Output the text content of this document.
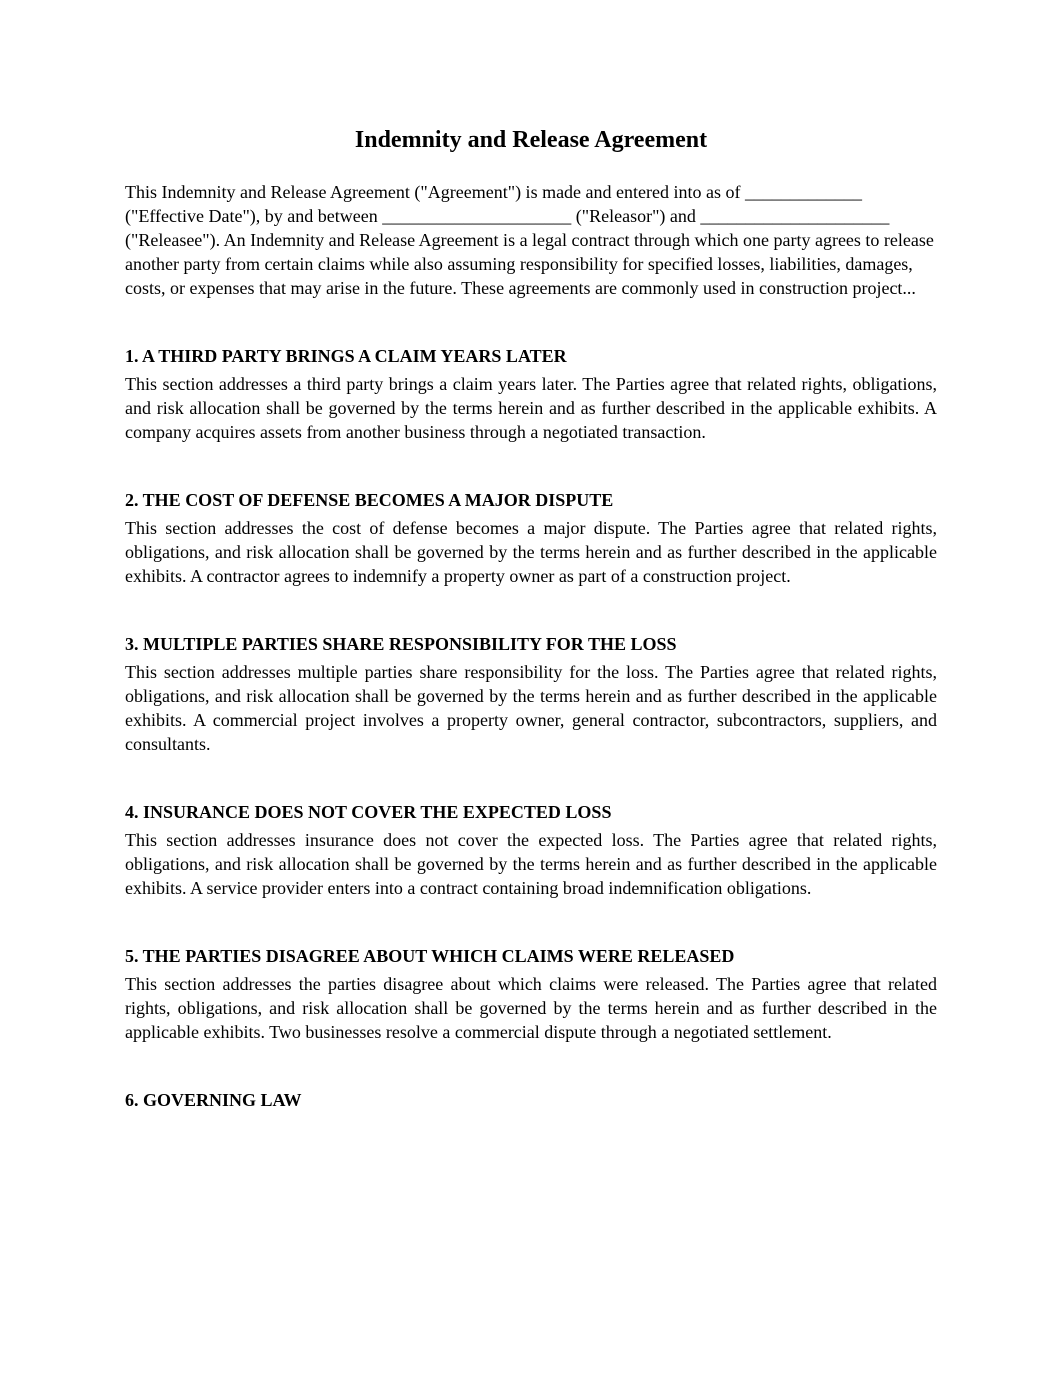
Indemnity and Release Agreement

This Indemnity and Release Agreement ("Agreement") is made and entered into as of _____________ ("Effective Date"), by and between _____________________ ("Releasor") and _____________________ ("Releasee"). An Indemnity and Release Agreement is a legal contract through which one party agrees to release another party from certain claims while also assuming responsibility for specified losses, liabilities, damages, costs, or expenses that may arise in the future. These agreements are commonly used in construction project...

1. A THIRD PARTY BRINGS A CLAIM YEARS LATER

This section addresses a third party brings a claim years later. The Parties agree that related rights, obligations, and risk allocation shall be governed by the terms herein and as further described in the applicable exhibits. A company acquires assets from another business through a negotiated transaction.

2. THE COST OF DEFENSE BECOMES A MAJOR DISPUTE

This section addresses the cost of defense becomes a major dispute. The Parties agree that related rights, obligations, and risk allocation shall be governed by the terms herein and as further described in the applicable exhibits. A contractor agrees to indemnify a property owner as part of a construction project.

3. MULTIPLE PARTIES SHARE RESPONSIBILITY FOR THE LOSS

This section addresses multiple parties share responsibility for the loss. The Parties agree that related rights, obligations, and risk allocation shall be governed by the terms herein and as further described in the applicable exhibits. A commercial project involves a property owner, general contractor, subcontractors, suppliers, and consultants.

4. INSURANCE DOES NOT COVER THE EXPECTED LOSS

This section addresses insurance does not cover the expected loss. The Parties agree that related rights, obligations, and risk allocation shall be governed by the terms herein and as further described in the applicable exhibits. A service provider enters into a contract containing broad indemnification obligations.

5. THE PARTIES DISAGREE ABOUT WHICH CLAIMS WERE RELEASED

This section addresses the parties disagree about which claims were released. The Parties agree that related rights, obligations, and risk allocation shall be governed by the terms herein and as further described in the applicable exhibits. Two businesses resolve a commercial dispute through a negotiated settlement.

6. GOVERNING LAW
